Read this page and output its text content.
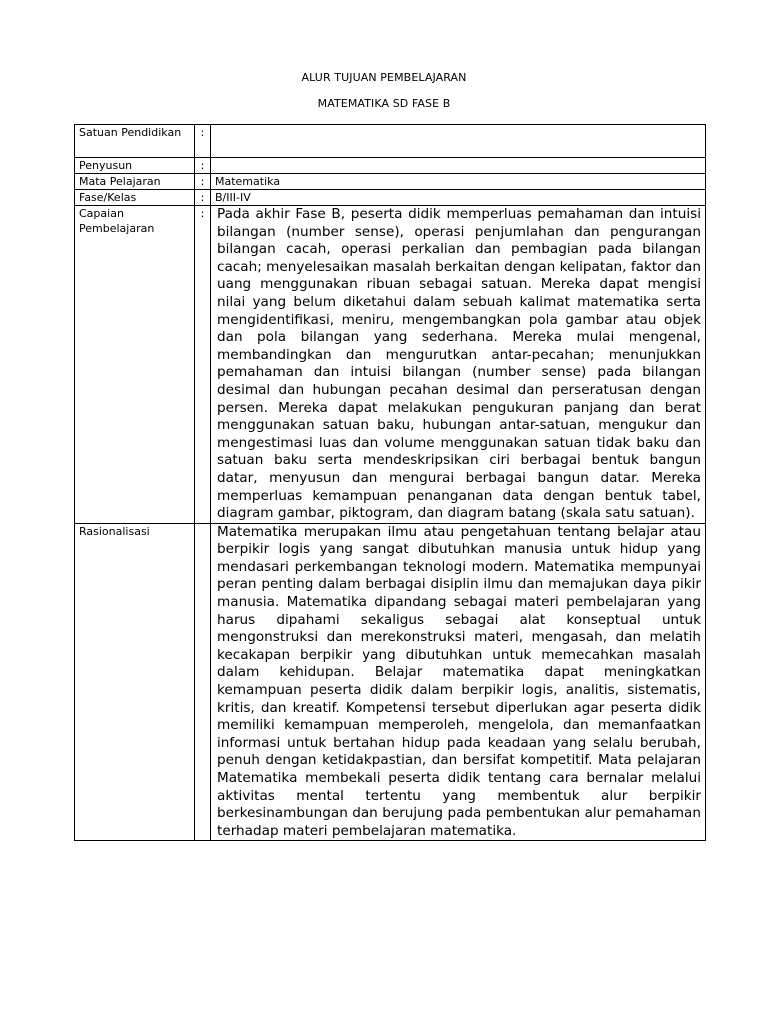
ALUR TUJUAN PEMBELAJARAN
MATEMATIKA SD FASE B
Satuan Pendidikan	:	
Penyusun	:	
Mata Pelajaran	:	Matematika
Fase/Kelas	:	B/III-IV
Capaian Pembelajaran	:	Pada akhir Fase B, peserta didik memperluas pemahaman dan intuisi bilangan (number sense), operasi penjumlahan dan pengurangan bilangan cacah, operasi perkalian dan pembagian pada bilangan cacah; menyelesaikan masalah berkaitan dengan kelipatan, faktor dan uang menggunakan ribuan sebagai satuan. Mereka dapat mengisi nilai yang belum diketahui dalam sebuah kalimat matematika serta mengidentifikasi, meniru, mengembangkan pola gambar atau objek dan pola bilangan yang sederhana. Mereka mulai mengenal, membandingkan dan mengurutkan antar-pecahan; menunjukkan pemahaman dan intuisi bilangan (number sense) pada bilangan desimal dan hubungan pecahan desimal dan perseratusan dengan persen. Mereka dapat melakukan pengukuran panjang dan berat menggunakan satuan baku, hubungan antar-satuan, mengukur dan mengestimasi luas dan volume menggunakan satuan tidak baku dan satuan baku serta mendeskripsikan ciri berbagai bentuk bangun datar, menyusun dan mengurai berbagai bangun datar. Mereka memperluas kemampuan penanganan data dengan bentuk tabel, diagram gambar, piktogram, dan diagram batang (skala satu satuan).
Rasionalisasi		Matematika merupakan ilmu atau pengetahuan tentang belajar atau berpikir logis yang sangat dibutuhkan manusia untuk hidup yang mendasari perkembangan teknologi modern. Matematika mempunyai peran penting dalam berbagai disiplin ilmu dan memajukan daya pikir manusia. Matematika dipandang sebagai materi pembelajaran yang harus dipahami sekaligus sebagai alat konseptual untuk mengonstruksi dan merekonstruksi materi, mengasah, dan melatih kecakapan berpikir yang dibutuhkan untuk memecahkan masalah dalam kehidupan. Belajar matematika dapat meningkatkan kemampuan peserta didik dalam berpikir logis, analitis, sistematis, kritis, dan kreatif. Kompetensi tersebut diperlukan agar peserta didik memiliki kemampuan memperoleh, mengelola, dan memanfaatkan informasi untuk bertahan hidup pada keadaan yang selalu berubah, penuh dengan ketidakpastian, dan bersifat kompetitif. Mata pelajaran Matematika membekali peserta didik tentang cara bernalar melalui aktivitas mental tertentu yang membentuk alur berpikir berkesinambungan dan berujung pada pembentukan alur pemahaman terhadap materi pembelajaran matematika.
